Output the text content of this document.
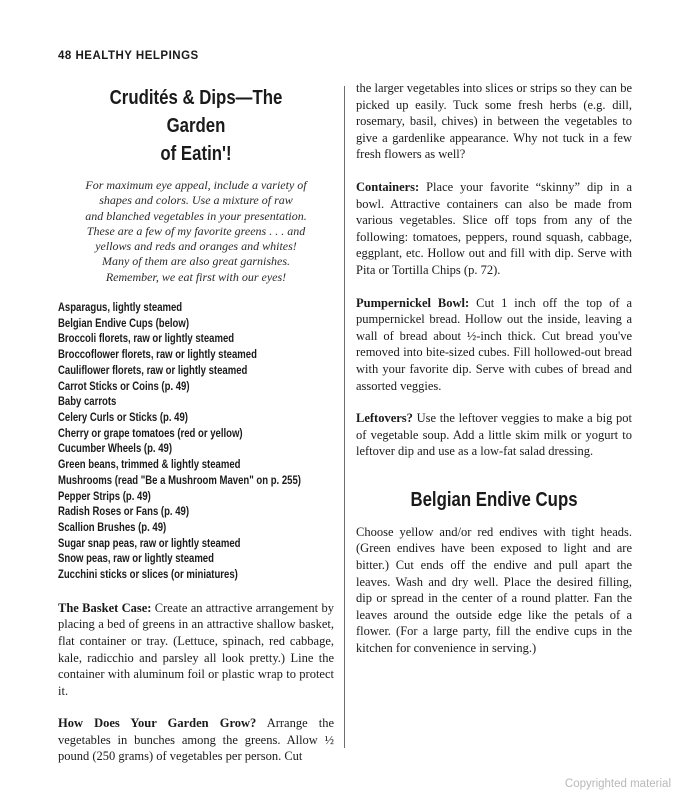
48 HEALTHY HELPINGS
Crudités & Dips—The Garden
of Eatin'!
For maximum eye appeal, include a variety of
shapes and colors. Use a mixture of raw
and blanched vegetables in your presentation.
These are a few of my favorite greens . . . and
yellows and reds and oranges and whites!
Many of them are also great garnishes.
Remember, we eat first with our eyes!
Asparagus, lightly steamed
Belgian Endive Cups (below)
Broccoli florets, raw or lightly steamed
Broccoflower florets, raw or lightly steamed
Cauliflower florets, raw or lightly steamed
Carrot Sticks or Coins (p. 49)
Baby carrots
Celery Curls or Sticks (p. 49)
Cherry or grape tomatoes (red or yellow)
Cucumber Wheels (p. 49)
Green beans, trimmed & lightly steamed
Mushrooms (read "Be a Mushroom Maven" on p. 255)
Pepper Strips (p. 49)
Radish Roses or Fans (p. 49)
Scallion Brushes (p. 49)
Sugar snap peas, raw or lightly steamed
Snow peas, raw or lightly steamed
Zucchini sticks or slices (or miniatures)

The Basket Case: Create an attractive arrangement by placing a bed of greens in an attractive shallow basket, flat container or tray. (Lettuce, spinach, red cabbage, kale, radicchio and parsley all look pretty.) Line the container with aluminum foil or plastic wrap to protect it.

How Does Your Garden Grow? Arrange the vegetables in bunches among the greens. Allow ½ pound (250 grams) of vegetables per person. Cut

the larger vegetables into slices or strips so they can be picked up easily. Tuck some fresh herbs (e.g. dill, rosemary, basil, chives) in between the vegetables to give a gardenlike appearance. Why not tuck in a few fresh flowers as well?

Containers: Place your favorite “skinny” dip in a bowl. Attractive containers can also be made from various vegetables. Slice off tops from any of the following: tomatoes, peppers, round squash, cabbage, eggplant, etc. Hollow out and fill with dip. Serve with Pita or Tortilla Chips (p. 72).

Pumpernickel Bowl: Cut 1 inch off the top of a pumpernickel bread. Hollow out the inside, leaving a wall of bread about ½-inch thick. Cut bread you've removed into bite-sized cubes. Fill hollowed-out bread with your favorite dip. Serve with cubes of bread and assorted veggies.

Leftovers? Use the leftover veggies to make a big pot of vegetable soup. Add a little skim milk or yogurt to leftover dip and use as a low-fat salad dressing.

Belgian Endive Cups

Choose yellow and/or red endives with tight heads. (Green endives have been exposed to light and are bitter.) Cut ends off the endive and pull apart the leaves. Wash and dry well. Place the desired filling, dip or spread in the center of a round platter. Fan the leaves around the outside edge like the petals of a flower. (For a large party, fill the endive cups in the kitchen for convenience in serving.)

Copyrighted material
